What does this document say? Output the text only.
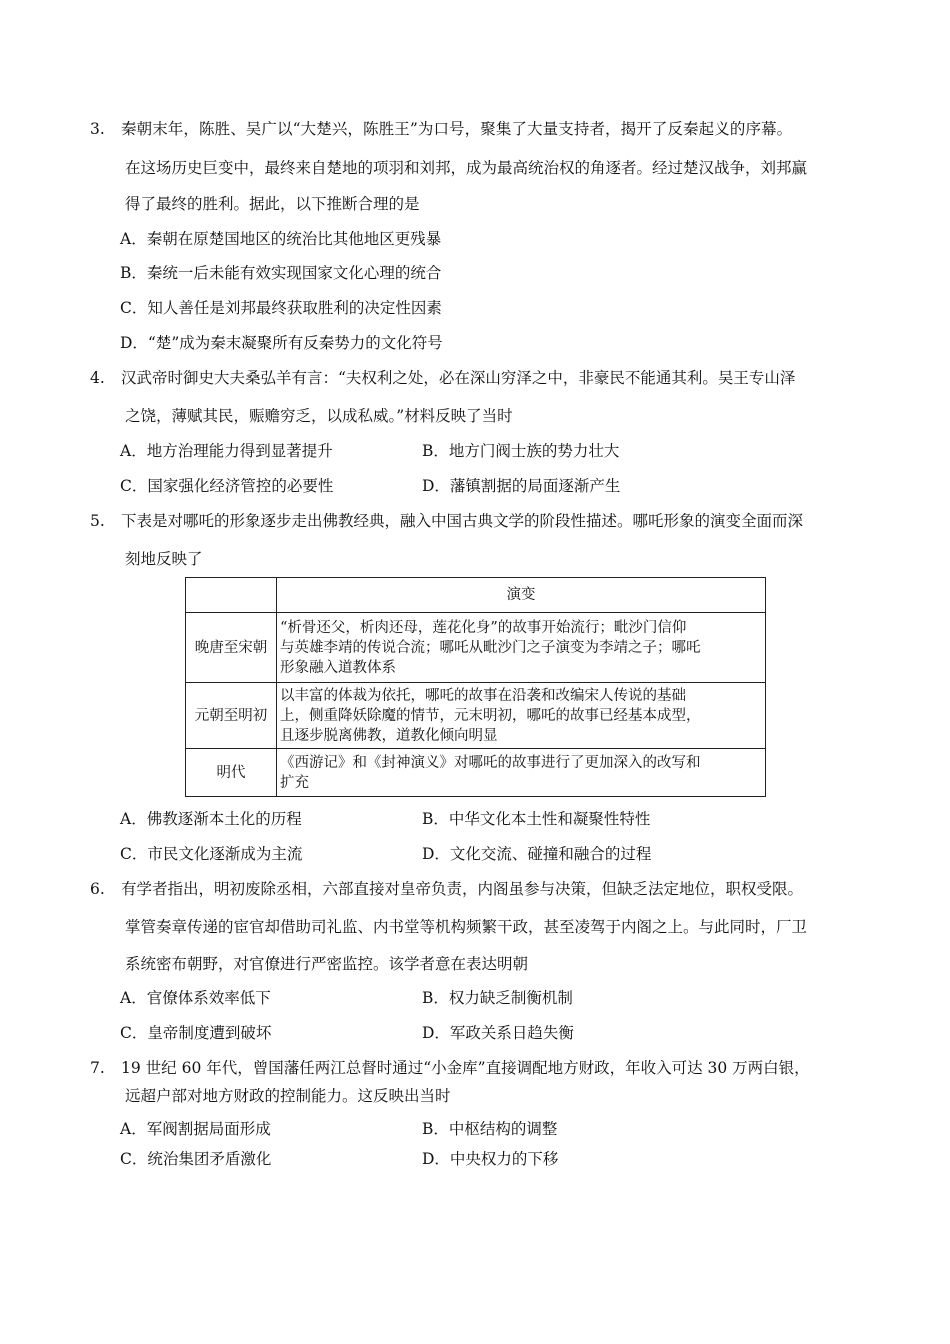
3. 秦朝末年，陈胜、吴广以“大楚兴，陈胜王”为口号，聚集了大量支持者，揭开了反秦起义的序幕。
在这场历史巨变中，最终来自楚地的项羽和刘邦，成为最高统治权的角逐者。经过楚汉战争，刘邦赢
得了最终的胜利。据此，以下推断合理的是
A．秦朝在原楚国地区的统治比其他地区更残暴
B．秦统一后未能有效实现国家文化心理的统合
C．知人善任是刘邦最终获取胜利的决定性因素
D．“楚”成为秦末凝聚所有反秦势力的文化符号
4. 汉武帝时御史大夫桑弘羊有言：“夫权利之处，必在深山穷泽之中，非豪民不能通其利。吴王专山泽
之饶，薄赋其民，赈赡穷乏，以成私威。”材料反映了当时
A．地方治理能力得到显著提升	B．地方门阀士族的势力壮大
C．国家强化经济管控的必要性	D．藩镇割据的局面逐渐产生
5. 下表是对哪吒的形象逐步走出佛教经典，融入中国古典文学的阶段性描述。哪吒形象的演变全面而深
刻地反映了
	演变
晚唐至宋朝	“析骨还父，析肉还母，莲花化身”的故事开始流行；毗沙门信仰
与英雄李靖的传说合流；哪吒从毗沙门之子演变为李靖之子；哪吒
形象融入道教体系

元朝至明初	以丰富的体裁为依托，哪吒的故事在沿袭和改编宋人传说的基础
上，侧重降妖除魔的情节，元末明初，哪吒的故事已经基本成型，
且逐步脱离佛教，道教化倾向明显

明代	《西游记》和《封神演义》对哪吒的故事进行了更加深入的改写和
扩充
A．佛教逐渐本土化的历程	B．中华文化本土性和凝聚性特性
C．市民文化逐渐成为主流	D．文化交流、碰撞和融合的过程
6. 有学者指出，明初废除丞相，六部直接对皇帝负责，内阁虽参与决策，但缺乏法定地位，职权受限。
掌管奏章传递的宦官却借助司礼监、内书堂等机构频繁干政，甚至凌驾于内阁之上。与此同时，厂卫
系统密布朝野，对官僚进行严密监控。该学者意在表达明朝
A．官僚体系效率低下	B．权力缺乏制衡机制
C．皇帝制度遭到破坏	D．军政关系日趋失衡
7. 19 世纪 60 年代，曾国藩任两江总督时通过“小金库”直接调配地方财政，年收入可达 30 万两白银，
远超户部对地方财政的控制能力。这反映出当时
A．军阀割据局面形成	B．中枢结构的调整
C．统治集团矛盾激化	D．中央权力的下移
